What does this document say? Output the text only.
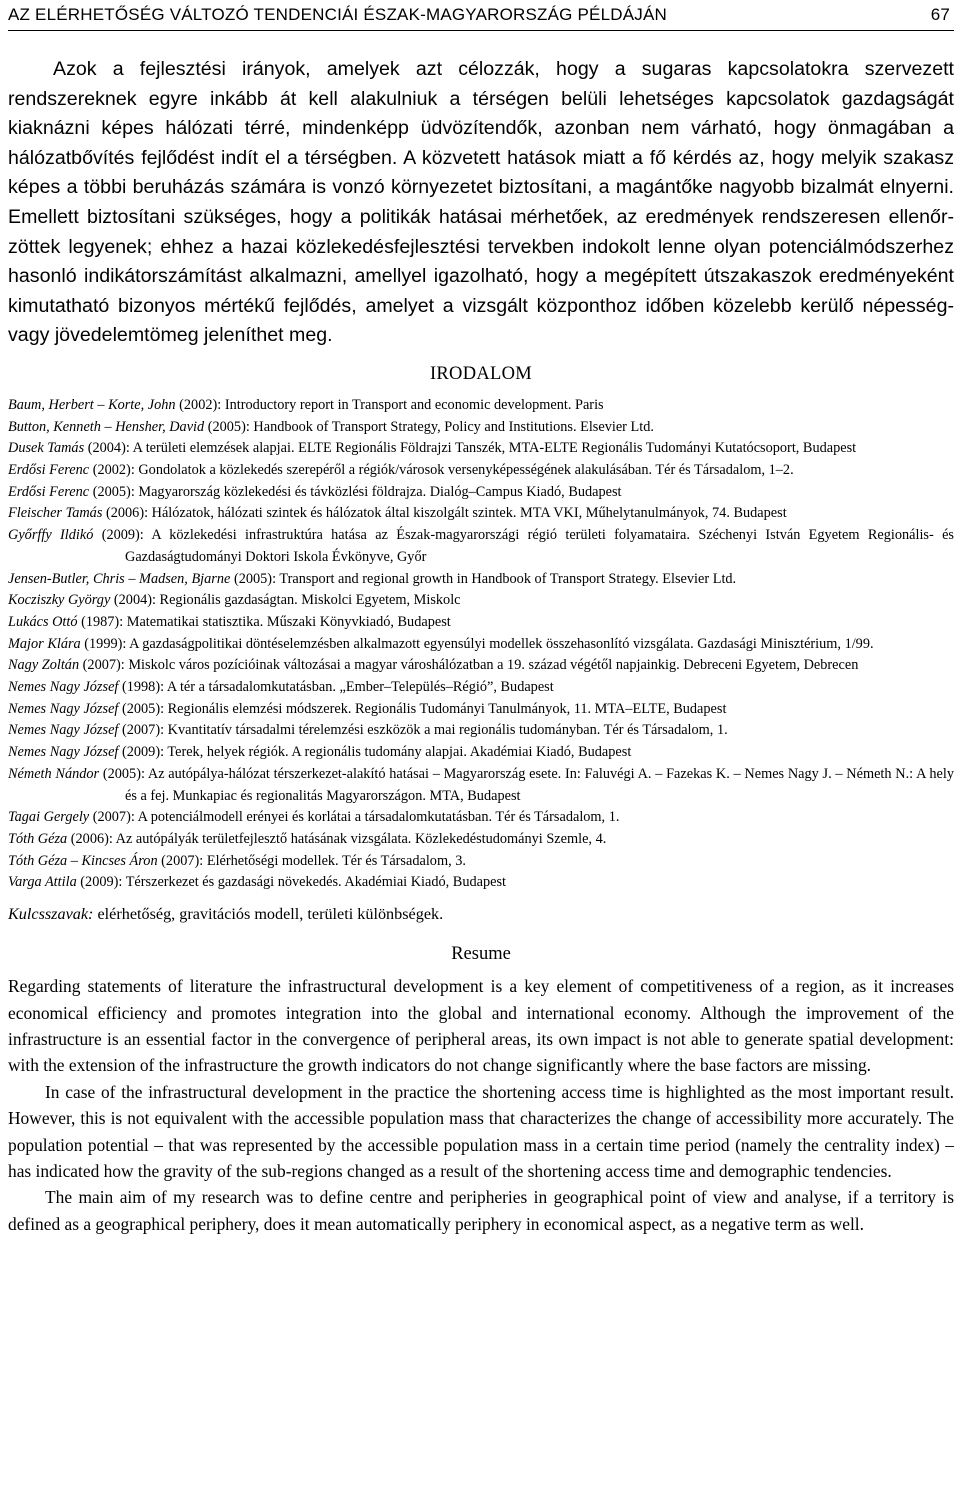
AZ ELÉRHETŐSÉG VÁLTOZÓ TENDENCIÁI ÉSZAK-MAGYARORSZÁG PÉLDÁJÁN	67

Azok a fejlesztési irányok, amelyek azt célozzák, hogy a sugaras kapcsolatokra szervezett rendszereknek egyre inkább át kell alakulniuk a térségen belüli lehetséges kapcsolatok gazdagságát kiaknázni képes hálózati térré, mindenképp üdvözítendők, azonban nem várható, hogy önmagában a hálózatbővítés fejlődést indít el a térségben. A közvetett hatások miatt a fő kérdés az, hogy melyik szakasz képes a többi beruházás számára is vonzó környezetet biztosítani, a magántőke nagyobb bizalmát elnyerni. Emellett biztosítani szükséges, hogy a politikák hatásai mérhetőek, az eredmények rendszeresen ellenőrzöttek legyenek; ehhez a hazai közlekedésfejlesztési tervekben indokolt lenne olyan potenciálmódszerhez hasonló indikátorszámítást alkalmazni, amellyel igazolható, hogy a megépített útszakaszok eredményeként kimutatható bizonyos mértékű fejlődés, amelyet a vizsgált központhoz időben közelebb kerülő népesség- vagy jövedelemtömeg jeleníthet meg.

IRODALOM

Baum, Herbert – Korte, John (2002): Introductory report in Transport and economic development. Paris

Button, Kenneth – Hensher, David (2005): Handbook of Transport Strategy, Policy and Institutions. Elsevier Ltd.

Dusek Tamás (2004): A területi elemzések alapjai. ELTE Regionális Földrajzi Tanszék, MTA-ELTE Regionális Tudományi Kutatócsoport, Budapest

Erdősi Ferenc (2002): Gondolatok a közlekedés szerepéről a régiók/városok versenyképességének alakulásában. Tér és Társadalom, 1–2.

Erdősi Ferenc (2005): Magyarország közlekedési és távközlési földrajza. Dialóg–Campus Kiadó, Budapest

Fleischer Tamás (2006): Hálózatok, hálózati szintek és hálózatok által kiszolgált szintek. MTA VKI, Műhelytanulmányok, 74. Budapest

Győrffy Ildikó (2009): A közlekedési infrastruktúra hatása az Észak-magyarországi régió területi folyamataira. Széchenyi István Egyetem Regionális- és Gazdaságtudományi Doktori Iskola Évkönyve, Győr

Jensen-Butler, Chris – Madsen, Bjarne (2005): Transport and regional growth in Handbook of Transport Strategy. Elsevier Ltd.

Kocziszky György (2004): Regionális gazdaságtan. Miskolci Egyetem, Miskolc

Lukács Ottó (1987): Matematikai statisztika. Műszaki Könyvkiadó, Budapest

Major Klára (1999): A gazdaságpolitikai döntéselemzésben alkalmazott egyensúlyi modellek összehasonlító vizsgálata. Gazdasági Minisztérium, 1/99.

Nagy Zoltán (2007): Miskolc város pozícióinak változásai a magyar városhálózatban a 19. század végétől napjainkig. Debreceni Egyetem, Debrecen

Nemes Nagy József (1998): A tér a társadalomkutatásban. „Ember–Település–Régió”, Budapest

Nemes Nagy József (2005): Regionális elemzési módszerek. Regionális Tudományi Tanulmányok, 11. MTA–ELTE, Budapest

Nemes Nagy József (2007): Kvantitatív társadalmi térelemzési eszközök a mai regionális tudományban. Tér és Társadalom, 1.

Nemes Nagy József (2009): Terek, helyek régiók. A regionális tudomány alapjai. Akadémiai Kiadó, Budapest

Németh Nándor (2005): Az autópálya-hálózat térszerkezet-alakító hatásai – Magyarország esete. In: Faluvégi A. – Fazekas K. – Nemes Nagy J. – Németh N.: A hely és a fej. Munkapiac és regionalitás Magyarországon. MTA, Budapest

Tagai Gergely (2007): A potenciálmodell erényei és korlátai a társadalomkutatásban. Tér és Társadalom, 1.

Tóth Géza (2006): Az autópályák területfejlesztő hatásának vizsgálata. Közlekedéstudományi Szemle, 4.

Tóth Géza – Kincses Áron (2007): Elérhetőségi modellek. Tér és Társadalom, 3.

Varga Attila (2009): Térszerkezet és gazdasági növekedés. Akadémiai Kiadó, Budapest

Kulcsszavak: elérhetőség, gravitációs modell, területi különbségek.

Resume

Regarding statements of literature the infrastructural development is a key element of competitiveness of a region, as it increases economical efficiency and promotes integration into the global and international economy. Although the improvement of the infrastructure is an essential factor in the convergence of peripheral areas, its own impact is not able to generate spatial development: with the extension of the infrastructure the growth indicators do not change significantly where the base factors are missing.

In case of the infrastructural development in the practice the shortening access time is highlighted as the most important result. However, this is not equivalent with the accessible population mass that characterizes the change of accessibility more accurately. The population potential – that was represented by the accessible population mass in a certain time period (namely the centrality index) – has indicated how the gravity of the sub-regions changed as a result of the shortening access time and demographic tendencies.

The main aim of my research was to define centre and peripheries in geographical point of view and analyse, if a territory is defined as a geographical periphery, does it mean automatically periphery in economical aspect, as a negative term as well.
